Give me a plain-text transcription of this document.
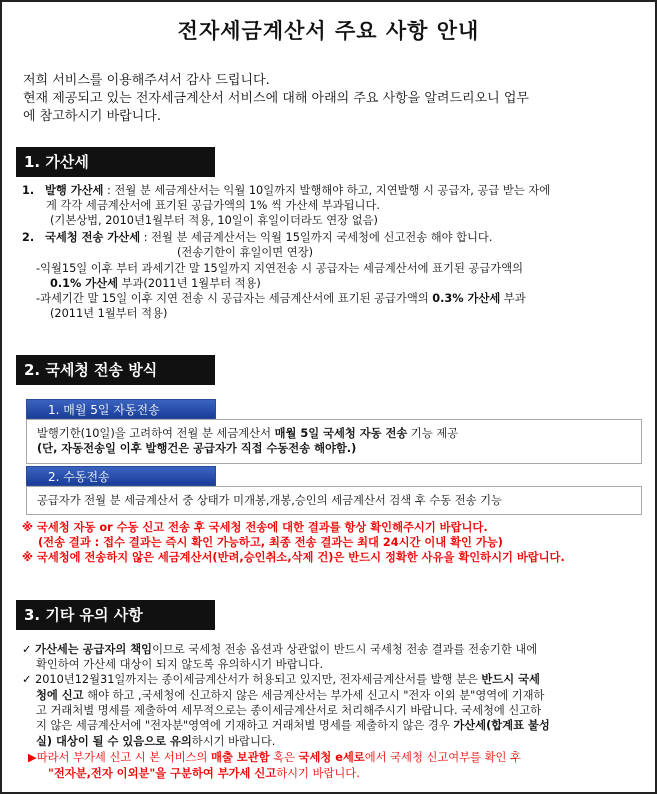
전자세금계산서 주요 사항 안내
저희 서비스를 이용해주셔서 감사 드립니다.
현재 제공되고 있는 전자세금계산서 서비스에 대해 아래의 주요 사항을 알려드리오니 업무
에 참고하시기 바랍니다.
1. 가산세
1. 발행 가산세 : 전월 분 세금계산서는 익월 10일까지 발행해야 하고, 지연발행 시 공급자, 공급 받는 자에
게 각각 세금계산서에 표기된 공급가액의 1% 씩 가산세 부과됩니다.
(기본상법, 2010년1월부터 적용, 10일이 휴일이더라도 연장 없음)
2. 국세청 전송 가산세 : 전월 분 세금계산서는 익월 15일까지 국세청에 신고전송 해야 합니다.
(전송기한이 휴일이면 연장)
-익월15일 이후 부터 과세기간 말 15일까지 지연전송 시 공급자는 세금계산서에 표기된 공급가액의
0.1% 가산세 부과(2011년 1월부터 적용)
-과세기간 말 15일 이후 지연 전송 시 공급자는 세금계산서에 표기된 공급가액의 0.3% 가산세 부과
(2011년 1월부터 적용)
2. 국세청 전송 방식
1. 매월 5일 자동전송
발행기한(10일)을 고려하여 전월 분 세금계산서 매월 5일 국세청 자동 전송 기능 제공
(단, 자동전송일 이후 발행건은 공급자가 직접 수동전송 해야함.)
2. 수동전송
공급자가 전월 분 세금계산서 중 상태가 미개봉,개봉,승인의 세금계산서 검색 후 수동 전송 기능
※ 국세청 자동 or 수동 신고 전송 후 국세청 전송에 대한 결과를 항상 확인해주시기 바랍니다.
(전송 결과 : 접수 결과는 즉시 확인 가능하고, 최종 전송 결과는 최대 24시간 이내 확인 가능)
※ 국세청에 전송하지 않은 세금계산서(반려,승인취소,삭제 건)은 반드시 정확한 사유을 확인하시기 바랍니다.
3. 기타 유의 사항
✓ 가산세는 공급자의 책임이므로 국세청 전송 옵션과 상관없이 반드시 국세청 전송 결과를 전송기한 내에
확인하여 가산세 대상이 되지 않도록 유의하시기 바랍니다.
✓ 2010년12월31일까지는 종이세금계산서가 허용되고 있지만, 전자세금계산서를 발행 분은 반드시 국세
청에 신고 해야 하고 ,국세청에 신고하지 않은 세금계산서는 부가세 신고시 "전자 이외 분"영역에 기재하
고 거래처별 명세를 제출하여 세무적으로는 종이세금계산서로 처리해주시기 바랍니다. 국세청에 신고하
지 않은 세금계산서에 "전자분"영역에 기재하고 거래처별 명세를 제출하지 않은 경우 가산세(합계표 불성
실) 대상이 될 수 있음으로 유의하시기 바랍니다.
▶따라서 부가세 신고 시 본 서비스의 매출 보관함 혹은 국세청 e세로에서 국세청 신고여부를 확인 후
"전자분,전자 이외분"을 구분하여 부가세 신고하시기 바랍니다.
